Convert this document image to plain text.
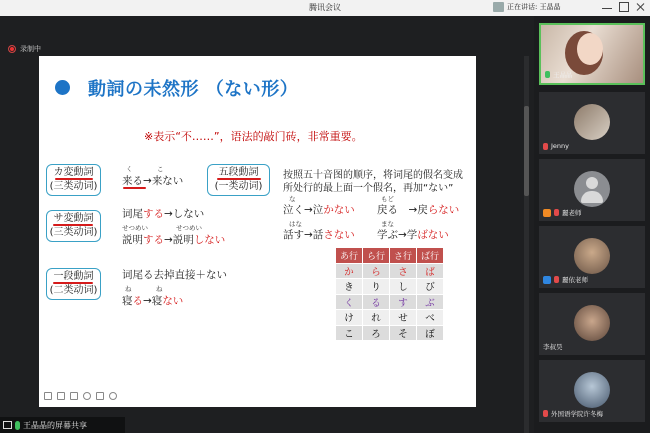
腾讯会议	正在讲话: 王晶晶
录制中
動詞の未然形 （ない形）
※表示“不……”，语法的敲门砖，非常重要。
カ変動詞
(三类动词)
く	こ
来る→来ない
サ変動詞
(三类动词)
词尾する→しない
せつめい	せつめい
説明する→説明しない
一段動詞
(二类动词)
词尾る去掉直接＋ない
ね	ね
寝る→寝ない
五段動詞
(一类动词)
按照五十音图的顺序，将词尾的假名变成
所处行的最上面一个假名，再加“ない”
な
泣く→泣かない
もど
戻る　→戻らない
はな
話す→話さない
まな
学ぶ→学ばない
あ行	ら行	さ行	ば行
か	ら	さ	ば
き	り	し	び
く	る	す	ぶ
け	れ	せ	べ
こ	ろ	そ	ぼ
王晶晶的屏幕共享
王晶晶
Jenny
麗老师
麗依老师
李叔昊
外国语学院许冬梅
